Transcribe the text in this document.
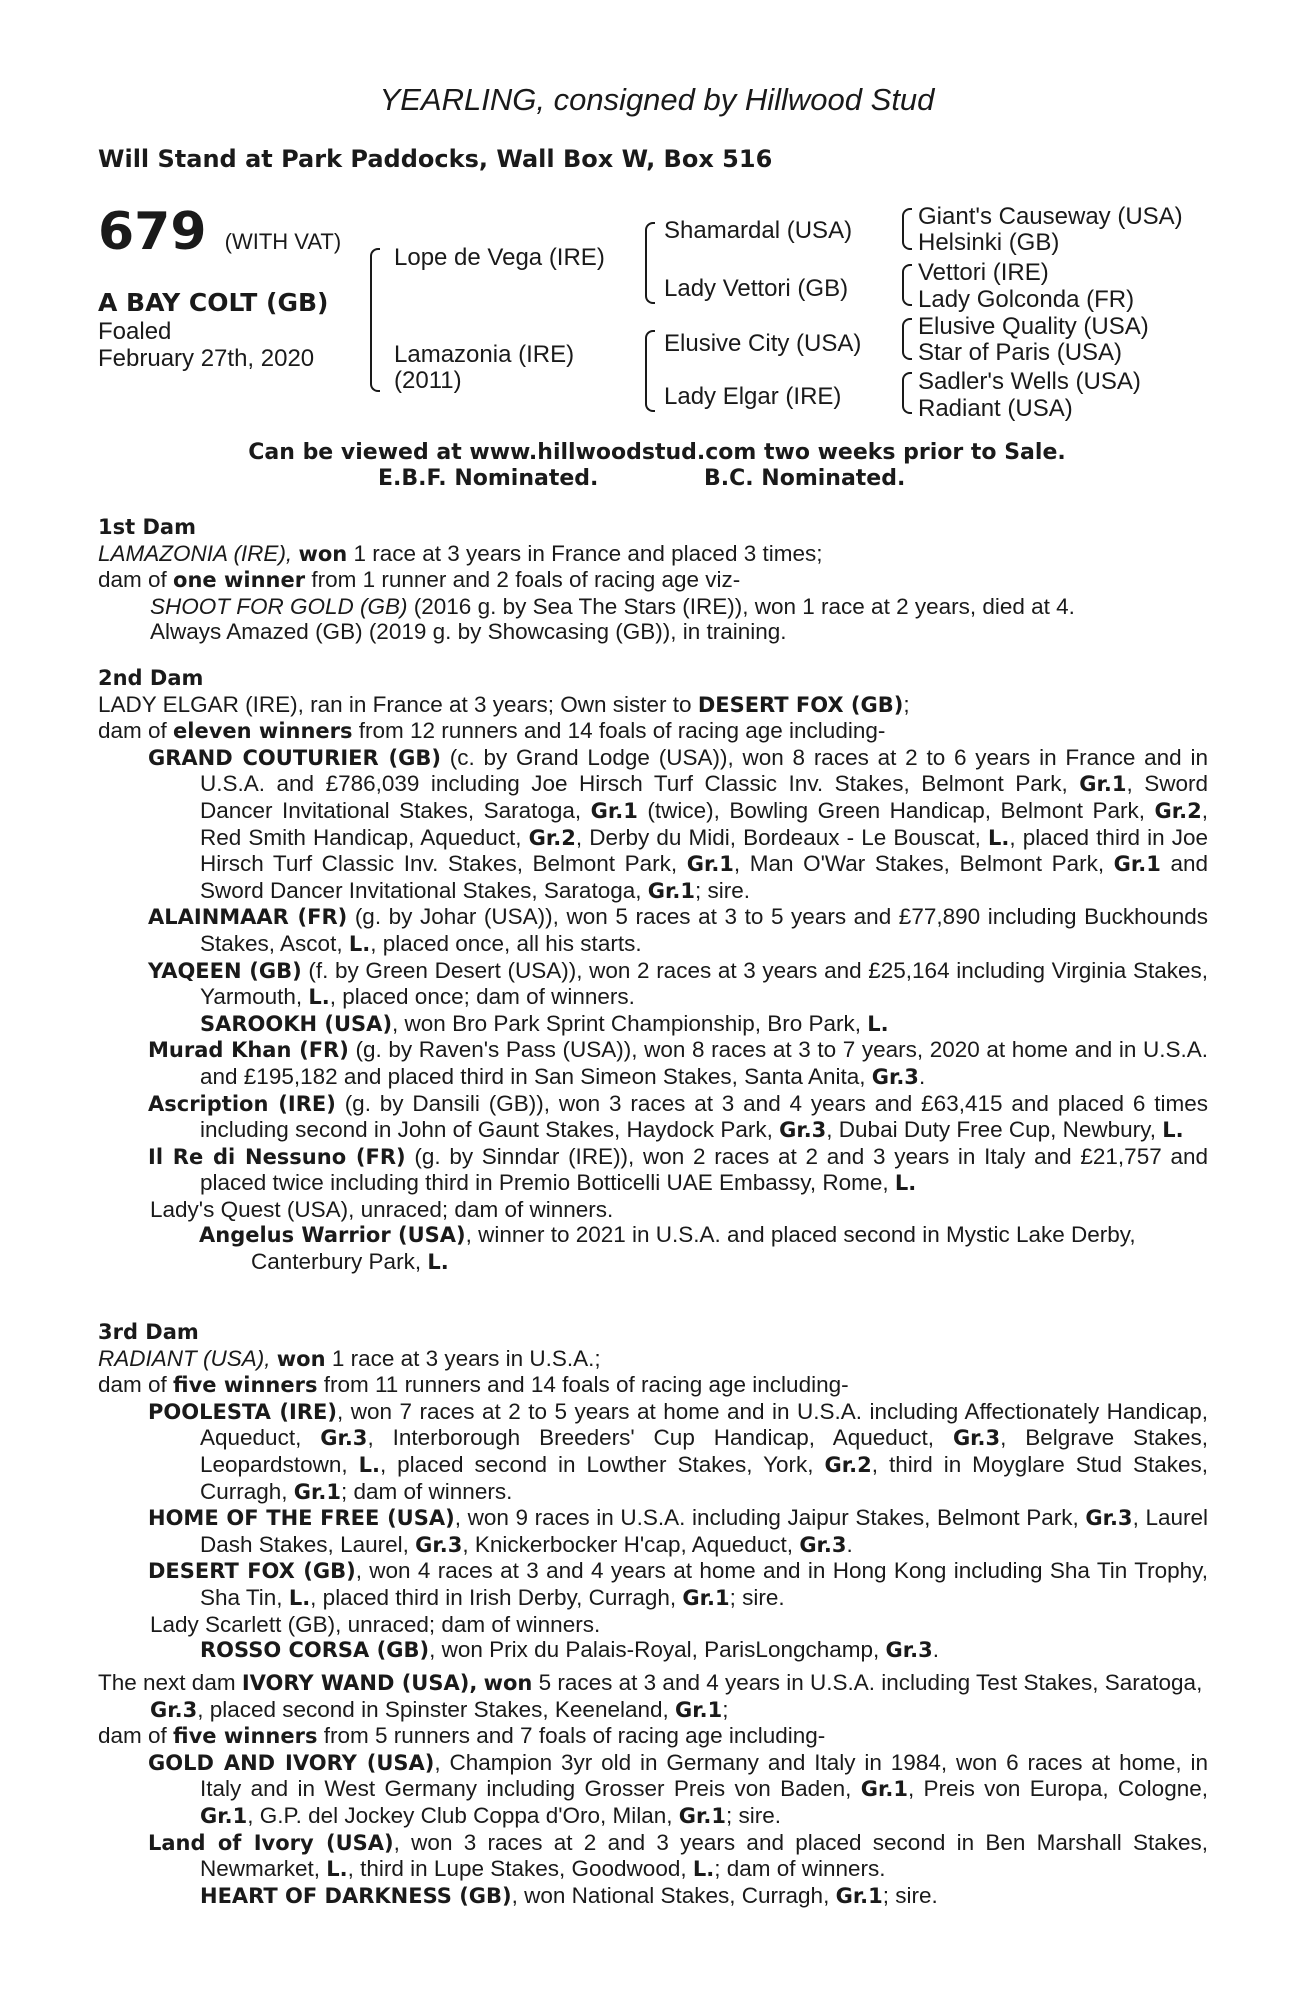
YEARLING, consigned by Hillwood Stud
Will Stand at Park Paddocks, Wall Box W, Box 516
679 (WITH VAT)
A BAY COLT (GB)
Foaled
February 27th, 2020
Lope de Vega (IRE)
Lamazonia (IRE)
(2011)
Shamardal (USA)
Lady Vettori (GB)
Elusive City (USA)
Lady Elgar (IRE)
Giant's Causeway (USA)
Helsinki (GB)
Vettori (IRE)
Lady Golconda (FR)
Elusive Quality (USA)
Star of Paris (USA)
Sadler's Wells (USA)
Radiant (USA)
Can be viewed at www.hillwoodstud.com two weeks prior to Sale.
E.B.F. Nominated.	B.C. Nominated.

1st Dam

LAMAZONIA (IRE), won 1 race at 3 years in France and placed 3 times;

dam of one winner from 1 runner and 2 foals of racing age viz-

SHOOT FOR GOLD (GB) (2016 g. by Sea The Stars (IRE)), won 1 race at 2 years, died at 4.

Always Amazed (GB) (2019 g. by Showcasing (GB)), in training.

2nd Dam

LADY ELGAR (IRE), ran in France at 3 years; Own sister to DESERT FOX (GB);

dam of eleven winners from 12 runners and 14 foals of racing age including-

GRAND COUTURIER (GB) (c. by Grand Lodge (USA)), won 8 races at 2 to 6 years in France and in U.S.A. and £786,039 including Joe Hirsch Turf Classic Inv. Stakes, Belmont Park, Gr.1, Sword Dancer Invitational Stakes, Saratoga, Gr.1 (twice), Bowling Green Handicap, Belmont Park, Gr.2, Red Smith Handicap, Aqueduct, Gr.2, Derby du Midi, Bordeaux - Le Bouscat, L., placed third in Joe Hirsch Turf Classic Inv. Stakes, Belmont Park, Gr.1, Man O'War Stakes, Belmont Park, Gr.1 and Sword Dancer Invitational Stakes, Saratoga, Gr.1; sire.

ALAINMAAR (FR) (g. by Johar (USA)), won 5 races at 3 to 5 years and £77,890 including Buckhounds Stakes, Ascot, L., placed once, all his starts.

YAQEEN (GB) (f. by Green Desert (USA)), won 2 races at 3 years and £25,164 including Virginia Stakes, Yarmouth, L., placed once; dam of winners.

SAROOKH (USA), won Bro Park Sprint Championship, Bro Park, L.

Murad Khan (FR) (g. by Raven's Pass (USA)), won 8 races at 3 to 7 years, 2020 at home and in U.S.A. and £195,182 and placed third in San Simeon Stakes, Santa Anita, Gr.3.

Ascription (IRE) (g. by Dansili (GB)), won 3 races at 3 and 4 years and £63,415 and placed 6 times including second in John of Gaunt Stakes, Haydock Park, Gr.3, Dubai Duty Free Cup, Newbury, L.

Il Re di Nessuno (FR) (g. by Sinndar (IRE)), won 2 races at 2 and 3 years in Italy and £21,757 and placed twice including third in Premio Botticelli UAE Embassy, Rome, L.

Lady's Quest (USA), unraced; dam of winners.

Angelus Warrior (USA), winner to 2021 in U.S.A. and placed second in Mystic Lake Derby, Canterbury Park, L.

3rd Dam

RADIANT (USA), won 1 race at 3 years in U.S.A.;

dam of five winners from 11 runners and 14 foals of racing age including-

POOLESTA (IRE), won 7 races at 2 to 5 years at home and in U.S.A. including Affectionately Handicap, Aqueduct, Gr.3, Interborough Breeders' Cup Handicap, Aqueduct, Gr.3, Belgrave Stakes, Leopardstown, L., placed second in Lowther Stakes, York, Gr.2, third in Moyglare Stud Stakes, Curragh, Gr.1; dam of winners.

HOME OF THE FREE (USA), won 9 races in U.S.A. including Jaipur Stakes, Belmont Park, Gr.3, Laurel Dash Stakes, Laurel, Gr.3, Knickerbocker H'cap, Aqueduct, Gr.3.

DESERT FOX (GB), won 4 races at 3 and 4 years at home and in Hong Kong including Sha Tin Trophy, Sha Tin, L., placed third in Irish Derby, Curragh, Gr.1; sire.

Lady Scarlett (GB), unraced; dam of winners.

ROSSO CORSA (GB), won Prix du Palais-Royal, ParisLongchamp, Gr.3.

The next dam IVORY WAND (USA), won 5 races at 3 and 4 years in U.S.A. including Test Stakes, Saratoga, Gr.3, placed second in Spinster Stakes, Keeneland, Gr.1;

dam of five winners from 5 runners and 7 foals of racing age including-

GOLD AND IVORY (USA), Champion 3yr old in Germany and Italy in 1984, won 6 races at home, in Italy and in West Germany including Grosser Preis von Baden, Gr.1, Preis von Europa, Cologne, Gr.1, G.P. del Jockey Club Coppa d'Oro, Milan, Gr.1; sire.

Land of Ivory (USA), won 3 races at 2 and 3 years and placed second in Ben Marshall Stakes, Newmarket, L., third in Lupe Stakes, Goodwood, L.; dam of winners.

HEART OF DARKNESS (GB), won National Stakes, Curragh, Gr.1; sire.
